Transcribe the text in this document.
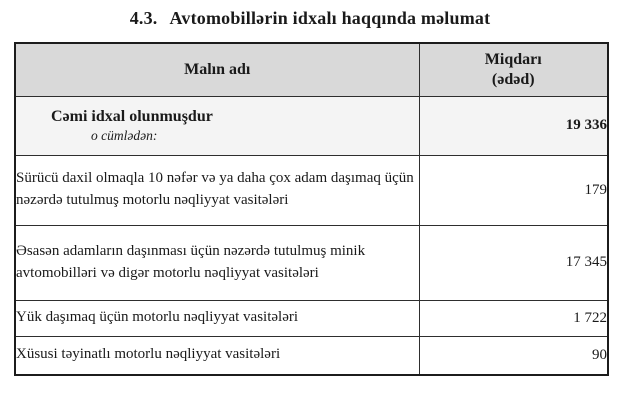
4.3. Avtomobillərin idxalı haqqında məlumat
Malın adı	Miqdarı
(ədəd)

Cəmi idxal olunmuşdur
o cümlədən:	19 336
Sürücü daxil olmaqla 10 nəfər və ya daha çox adam daşımaq üçün nəzərdə tutulmuş motorlu nəqliyyat vasitələri	179
Əsasən adamların daşınması üçün nəzərdə tutulmuş minik avtomobilləri və digər motorlu nəqliyyat vasitələri	17 345
Yük daşımaq üçün motorlu nəqliyyat vasitələri	1 722
Xüsusi təyinatlı motorlu nəqliyyat vasitələri	90
